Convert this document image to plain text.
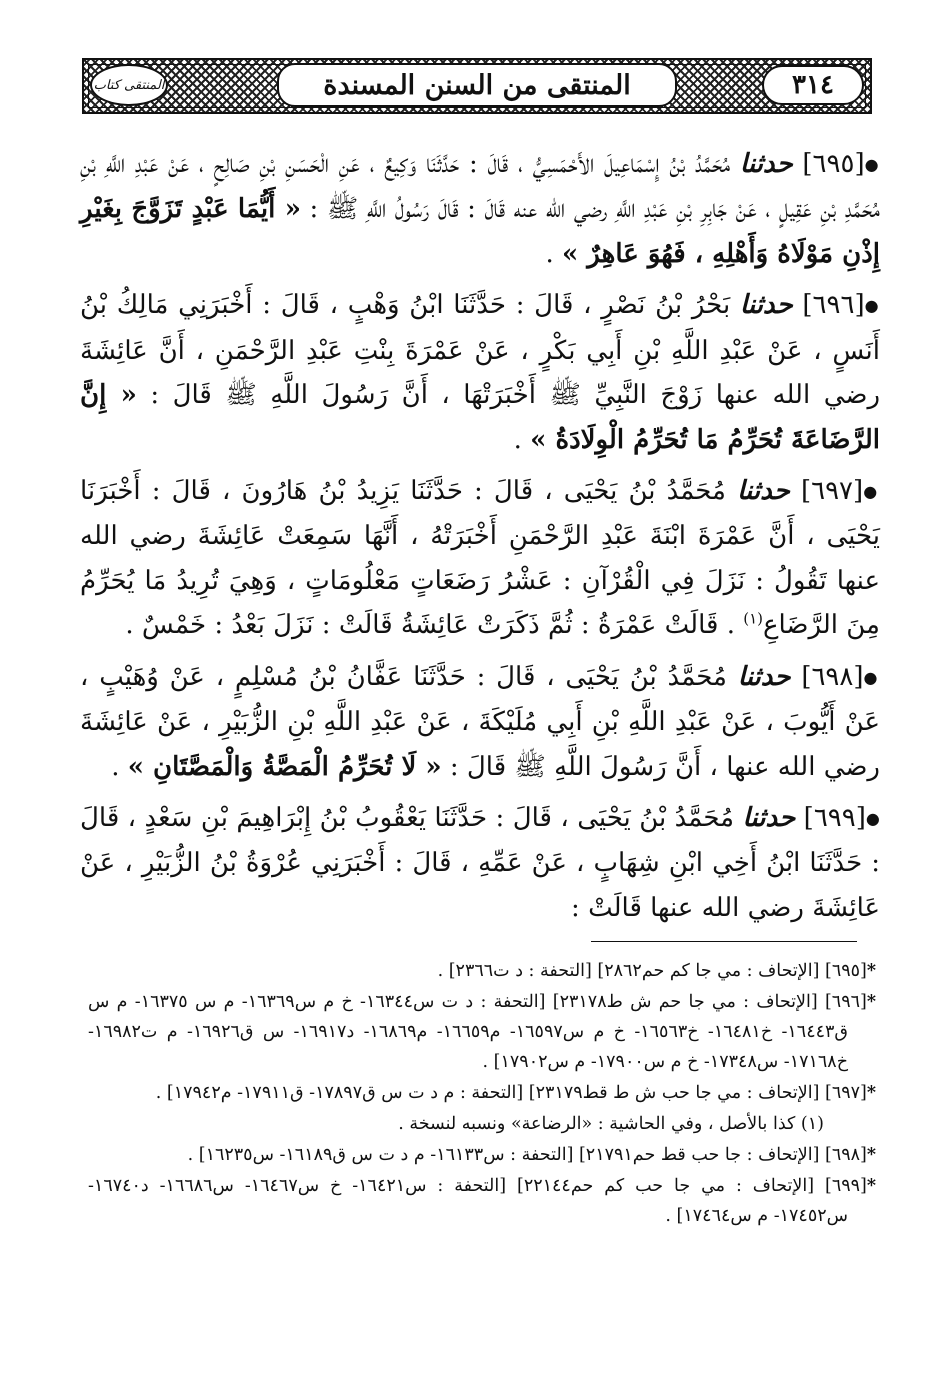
٣١٤
المنتقى من السنن المسندة
المنتقى كتاب

●[٦٩٥] حدثنا مُحَمَّدُ بْنُ إِسْمَاعِيلَ الأَحْمَسِيُّ ، قَالَ : حَدَّثَنَا وَكِيعٌ ، عَنِ الْحَسَنِ بْنِ صَالِحٍ ، عَنْ عَبْدِ اللَّهِ بْنِ مُحَمَّدِ بْنِ عَقِيلٍ ، عَنْ جَابِرِ بْنِ عَبْدِ اللَّهِ رضي الله عنه قَالَ : قَالَ رَسُولُ اللَّهِ ﷺ : « أَيُّمَا عَبْدٍ تَزَوَّجَ بِغَيْرِ إِذْنِ مَوْلَاهُ وَأَهْلِهِ ، فَهُوَ عَاهِرٌ » .

●[٦٩٦] حدثنا بَحْرُ بْنُ نَصْرٍ ، قَالَ : حَدَّثَنَا ابْنُ وَهْبٍ ، قَالَ : أَخْبَرَنِي مَالِكُ بْنُ أَنَسٍ ، عَنْ عَبْدِ اللَّهِ بْنِ أَبِي بَكْرٍ ، عَنْ عَمْرَةَ بِنْتِ عَبْدِ الرَّحْمَنِ ، أَنَّ عَائِشَةَ رضي الله عنها زَوْجَ النَّبِيِّ ﷺ أَخْبَرَتْهَا ، أَنَّ رَسُولَ اللَّهِ ﷺ قَالَ : « إِنَّ الرَّضَاعَةَ تُحَرِّمُ مَا تُحَرِّمُ الْوِلَادَةُ » .

●[٦٩٧] حدثنا مُحَمَّدُ بْنُ يَحْيَى ، قَالَ : حَدَّثَنَا يَزِيدُ بْنُ هَارُونَ ، قَالَ : أَخْبَرَنَا يَحْيَى ، أَنَّ عَمْرَةَ ابْنَةَ عَبْدِ الرَّحْمَنِ أَخْبَرَتْهُ ، أَنَّهَا سَمِعَتْ عَائِشَةَ رضي الله عنها تَقُولُ : نَزَلَ فِي الْقُرْآنِ : عَشْرُ رَضَعَاتٍ مَعْلُومَاتٍ ، وَهِيَ تُرِيدُ مَا يُحَرِّمُ مِنَ الرَّضَاعِ$^{(١)}$ . قَالَتْ عَمْرَةُ : ثُمَّ ذَكَرَتْ عَائِشَةُ قَالَتْ : نَزَلَ بَعْدُ : خَمْسٌ .

●[٦٩٨] حدثنا مُحَمَّدُ بْنُ يَحْيَى ، قَالَ : حَدَّثَنَا عَفَّانُ بْنُ مُسْلِمٍ ، عَنْ وُهَيْبٍ ، عَنْ أَيُّوبَ ، عَنْ عَبْدِ اللَّهِ بْنِ أَبِي مُلَيْكَةَ ، عَنْ عَبْدِ اللَّهِ بْنِ الزُّبَيْرِ ، عَنْ عَائِشَةَ رضي الله عنها ، أَنَّ رَسُولَ اللَّهِ ﷺ قَالَ : « لَا تُحَرِّمُ الْمَصَّةُ وَالْمَصَّتَانِ » .

●[٦٩٩] حدثنا مُحَمَّدُ بْنُ يَحْيَى ، قَالَ : حَدَّثَنَا يَعْقُوبُ بْنُ إِبْرَاهِيمَ بْنِ سَعْدٍ ، قَالَ : حَدَّثَنَا ابْنُ أَخِي ابْنِ شِهَابٍ ، عَنْ عَمِّهِ ، قَالَ : أَخْبَرَنِي عُرْوَةُ بْنُ الزُّبَيْرِ ، عَنْ عَائِشَةَ رضي الله عنها قَالَتْ :

*[٦٩٥] [الإتحاف : مي جا كم حم٢٨٦٢] [التحفة : د ت٢٣٦٦] .

*[٦٩٦] [الإتحاف : مي جا حم ش ط٢٣١٧٨] [التحفة : د ت س١٦٣٤٤- خ م س١٦٣٦٩- م س ١٦٣٧٥- م س ق١٦٤٤٣- خ١٦٤٨١- خ١٦٥٦٣- خ م س١٦٥٩٧- م١٦٦٥٩- م١٦٨٦٩- د١٦٩١٧- س ق١٦٩٢٦- م ت١٦٩٨٢- خ١٧١٦٨- س١٧٣٤٨- خ م س١٧٩٠٠- م س١٧٩٠٢] .

*[٦٩٧] [الإتحاف : مي جا حب ش ط قط٢٣١٧٩] [التحفة : م د ت س ق١٧٨٩٧- ق١٧٩١١- م١٧٩٤٢] .

(١) كذا بالأصل ، وفي الحاشية : «الرضاعة» ونسبه لنسخة .

*[٦٩٨] [الإتحاف : جا حب قط حم٢١٧٩١] [التحفة : س١٦١٣٣- م د ت س ق١٦١٨٩- س١٦٢٣٥] .

*[٦٩٩] [الإتحاف : مي جا حب كم حم٢٢١٤٤] [التحفة : س١٦٤٢١- خ س١٦٤٦٧- س١٦٦٨٦- د١٦٧٤٠- س١٧٤٥٢- م س١٧٤٦٤] .
